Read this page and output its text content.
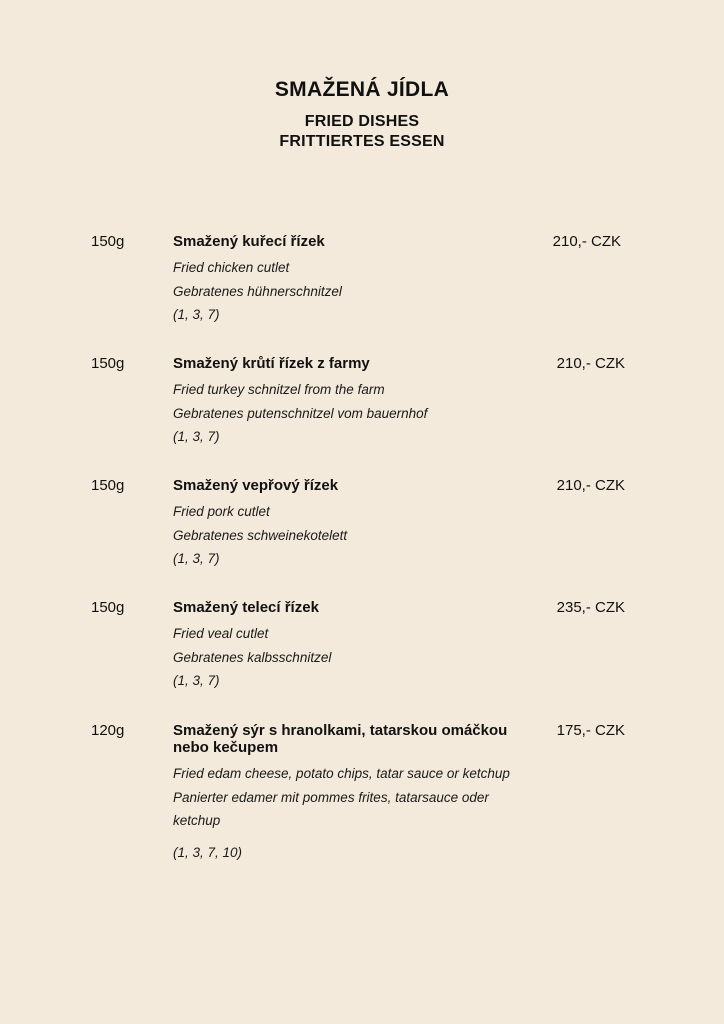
SMAŽENÁ JÍDLA
FRIED DISHES
FRITTIERTES ESSEN
150g	Smažený kuřecí řízek
Fried chicken cutlet
Gebratenes hühnerschnitzel
(1, 3, 7)
210,- CZK
150g	Smažený krůtí řízek z farmy
Fried turkey schnitzel from the farm
Gebratenes putenschnitzel vom bauernhof
(1, 3, 7)
210,- CZK
150g	Smažený vepřový řízek
Fried pork cutlet
Gebratenes schweinekotelett
(1, 3, 7)
210,- CZK
150g	Smažený telecí řízek
Fried veal cutlet
Gebratenes kalbsschnitzel
(1, 3, 7)
235,- CZK
120g	Smažený sýr s hranolkami, tatarskou omáčkou nebo kečupem
Fried edam cheese, potato chips, tatar sauce or ketchup
Panierter edamer mit pommes frites, tatarsauce oder ketchup
(1, 3, 7, 10)
175,- CZK
